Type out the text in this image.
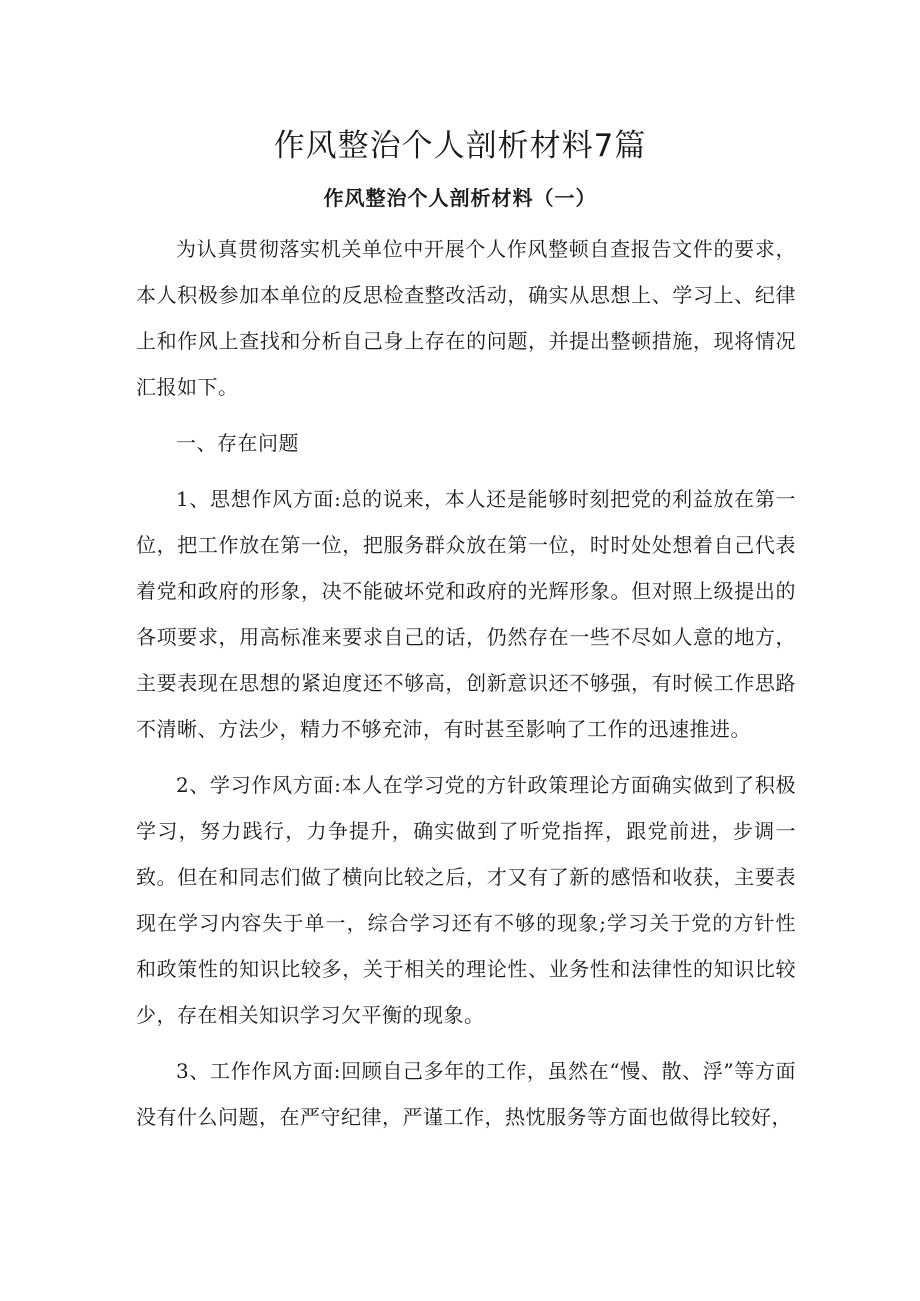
作风整治个人剖析材料7篇
作风整治个人剖析材料（一）

为认真贯彻落实机关单位中开展个人作风整顿自查报告文件的要求，本人积极参加本单位的反思检查整改活动，确实从思想上、学习上、纪律上和作风上查找和分析自己身上存在的问题，并提出整顿措施，现将情况汇报如下。

一、存在问题

1、思想作风方面:总的说来，本人还是能够时刻把党的利益放在第一位，把工作放在第一位，把服务群众放在第一位，时时处处想着自己代表着党和政府的形象，决不能破坏党和政府的光辉形象。但对照上级提出的各项要求，用高标准来要求自己的话，仍然存在一些不尽如人意的地方，主要表现在思想的紧迫度还不够高，创新意识还不够强，有时候工作思路不清晰、方法少，精力不够充沛，有时甚至影响了工作的迅速推进。

2、学习作风方面:本人在学习党的方针政策理论方面确实做到了积极学习，努力践行，力争提升，确实做到了听党指挥，跟党前进，步调一致。但在和同志们做了横向比较之后，才又有了新的感悟和收获，主要表现在学习内容失于单一，综合学习还有不够的现象;学习关于党的方针性和政策性的知识比较多，关于相关的理论性、业务性和法律性的知识比较少，存在相关知识学习欠平衡的现象。

3、工作作风方面:回顾自己多年的工作，虽然在“慢、散、浮”等方面没有什么问题，在严守纪律，严谨工作，热忱服务等方面也做得比较好，
